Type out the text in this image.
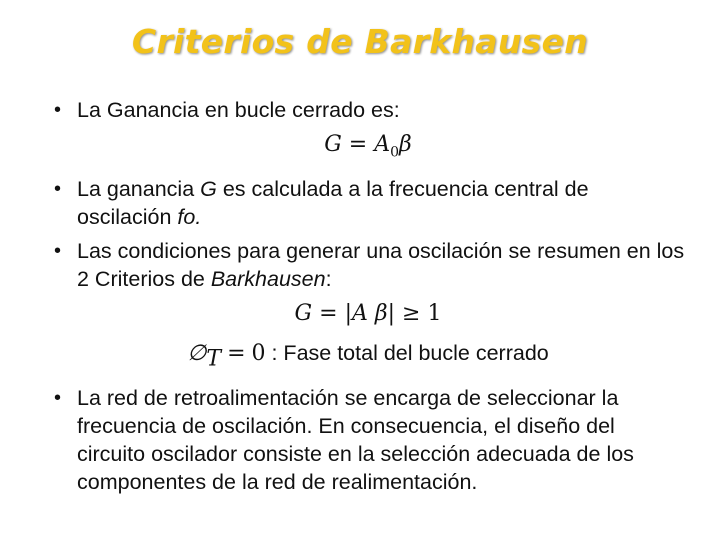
Criterios de Barkhausen
• La Ganancia en bucle cerrado es:
$G = A_0\beta$
• La ganancia G es calculada a la frecuencia central de oscilación fo.
• Las condiciones para generar una oscilación se resumen en los 2 Criterios de Barkhausen:
G = |A β| ≥ 1
$\emptyset_T = 0$ : Fase total del bucle cerrado
• La red de retroalimentación se encarga de seleccionar la frecuencia de oscilación. En consecuencia, el diseño del circuito oscilador consiste en la selección adecuada de los componentes de la red de realimentación.
